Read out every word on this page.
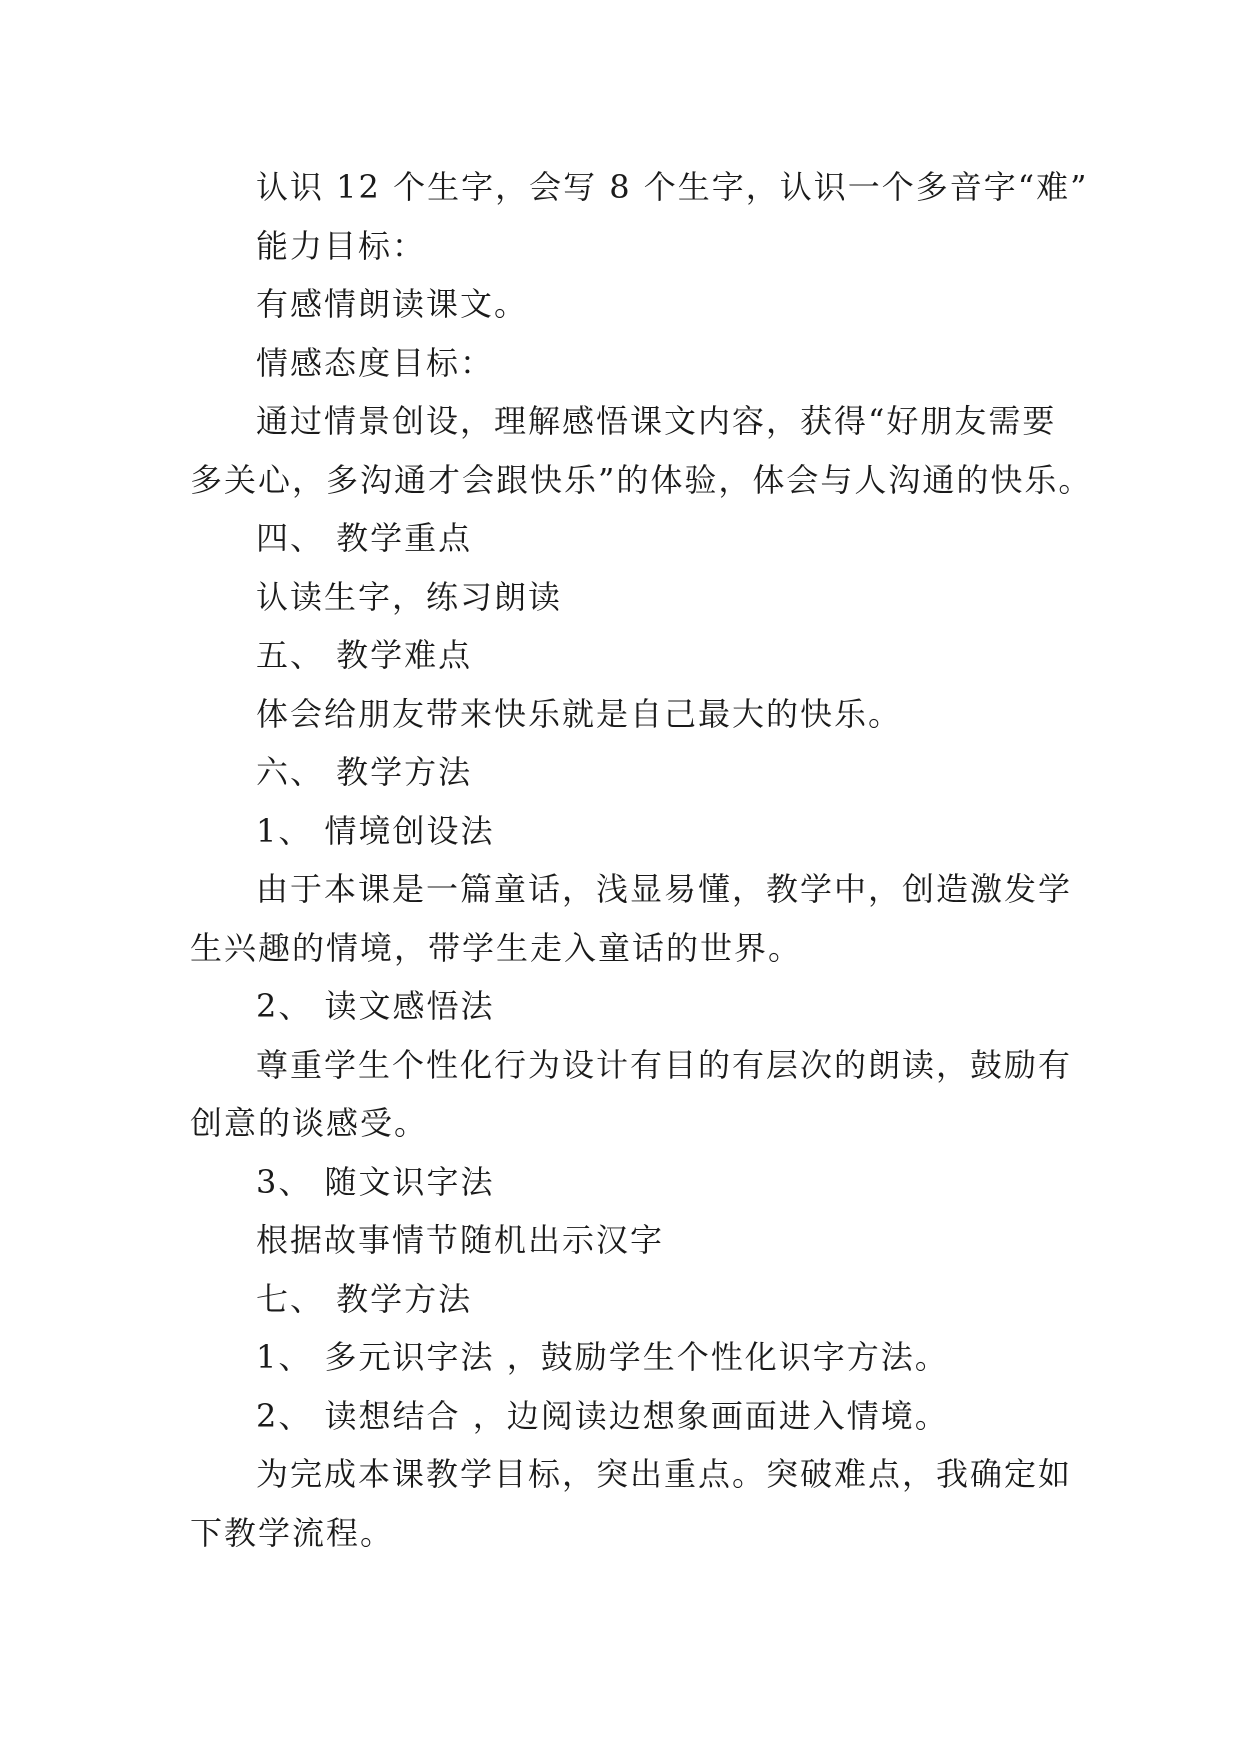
认识 12 个生字，会写 8 个生字，认识一个多音字“难”
能力目标：
有感情朗读课文。
情感态度目标：
通过情景创设，理解感悟课文内容，获得“好朋友需要
多关心，多沟通才会跟快乐”的体验，体会与人沟通的快乐。
四、 教学重点
认读生字，练习朗读
五、 教学难点
体会给朋友带来快乐就是自己最大的快乐。
六、 教学方法
1、 情境创设法
由于本课是一篇童话，浅显易懂，教学中，创造激发学
生兴趣的情境，带学生走入童话的世界。
2、 读文感悟法
尊重学生个性化行为设计有目的有层次的朗读，鼓励有
创意的谈感受。
3、 随文识字法
根据故事情节随机出示汉字
七、 教学方法
1、 多元识字法 ，鼓励学生个性化识字方法。
2、 读想结合 ，边阅读边想象画面进入情境。
为完成本课教学目标，突出重点。突破难点，我确定如
下教学流程。
